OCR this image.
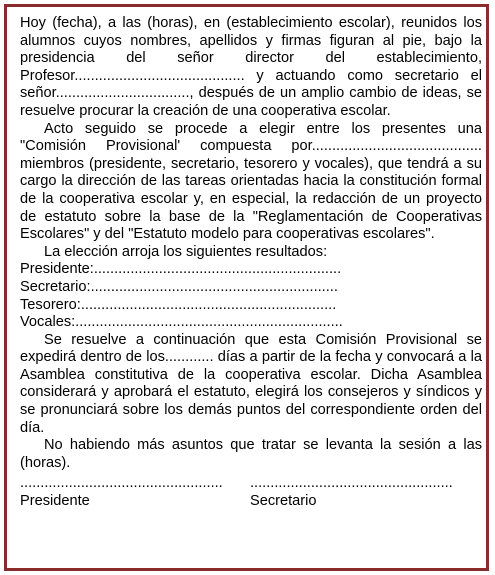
Hoy (fecha), a las (horas), en (establecimiento escolar), reunidos los alumnos cuyos nombres, apellidos y firmas figuran al pie, bajo la presidencia del señor director del establecimiento, Profesor.......................................... y actuando como secretario el señor................................., después de un amplio cambio de ideas, se resuelve procurar la creación de una cooperativa escolar.

Acto seguido se procede a elegir entre los presentes una "Comisión Provisional' compuesta por.......................................... miembros (presidente, secretario, tesorero y vocales), que tendrá a su cargo la dirección de las tareas orientadas hacia la constitución formal de la cooperativa escolar y, en especial, la redacción de un proyecto de estatuto sobre la base de la "Reglamentación de Cooperativas Escolares" y del "Estatuto modelo para cooperativas escolares".

La elección arroja los siguientes resultados:

Presidente:.............................................................

Secretario:.............................................................

Tesorero:...............................................................

Vocales:..................................................................

Se resuelve a continuación que esta Comisión Provisional se expedirá dentro de los............ días a partir de la fecha y convocará a la Asamblea constitutiva de la cooperativa escolar. Dicha Asamblea considerará y aprobará el estatuto, elegirá los consejeros y síndicos y se pronunciará sobre los demás puntos del correspondiente orden del día.

No habiendo más asuntos que tratar se levanta la sesión a las (horas).

..................................................	..................................................
Presidente	Secretario
